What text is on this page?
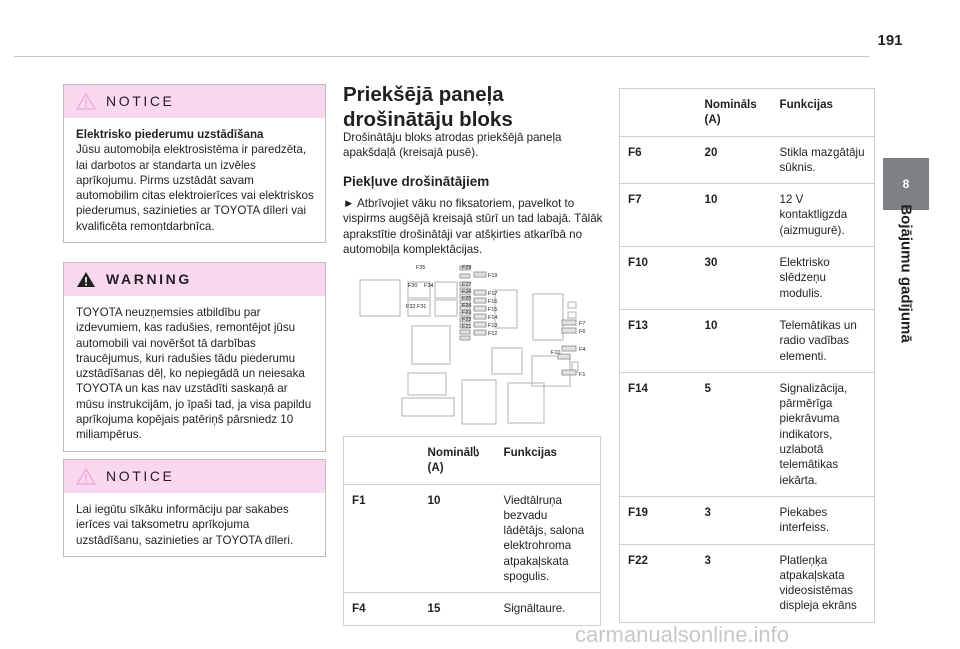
191
8
Bojājumu gadījumā
NOTICE
Elektrisko piederumu uzstādīšana
Jūsu automobiļa elektrosistēma ir paredzēta, lai darbotos ar standarta un izvēles aprīkojumu. Pirms uzstādāt savam automobilim citas elektroierīces vai elektriskos piederumus, sazinieties ar TOYOTA dīleri vai kvalificēta remontdarbnīca.
WARNING
TOYOTA neuzņemsies atbildību par izdevumiem, kas radušies, remontējot jūsu automobili vai novēršot tā darbības traucējumus, kuri radušies tādu piederumu uzstādīšanas dēļ, ko nepiegādā un neiesaka TOYOTA un kas nav uzstādīti saskaņā ar mūsu instrukcijām, jo īpaši tad, ja visa papildu aprīkojuma kopējais patēriņš pārsniedz 10 miliampērus.
NOTICE
Lai iegūtu sīkāku informāciju par sakabes ierīces vai taksometru aprīkojuma uzstādīšanu, sazinieties ar TOYOTA dīleri.
Priekšējā paneļa drošinātāju bloks
Drošinātāju bloks atrodas priekšējā paneļa apakšdaļā (kreisajā pusē).
Piekļuve drošinātājiem
► Atbrīvojiet vāku no fiksatoriem, pavelkot to vispirms augšējā kreisajā stūrī un tad labajā. Tālāk aprakstītie drošinātāji var atšķirties atkarībā no automobiļa komplektācijas.
F35	F29
F19
F30 F34	F27
F26	F17
F25	F16
F32 F31	F24
F15
F23
F14
F22
F13
F21
F12
F7
F6
F4
F10
F1
	Nominālს (A)	Funkcijas
F1	10	Viedtālruņa bezvadu lādētājs, salona elektrohroma atpakaļskata spogulis.
F4	15	Signāltaure.
	Nomināls (A)	Funkcijas
F6	20	Stikla mazgātāju sūknis.
F7	10	12 V kontaktligzda (aizmugurē).
F10	30	Elektrisko slēdzeņu modulis.
F13	10	Telemātikas un radio vadības elementi.
F14	5	Signalizācija, pārmērīga piekrāvuma indikators, uzlabotā telemātikas iekārta.
F19	3	Piekabes interfeiss.
F22	3	Platleņķa atpakaļskata videosistēmas displeja ekrāns
carmanualsonline.info
